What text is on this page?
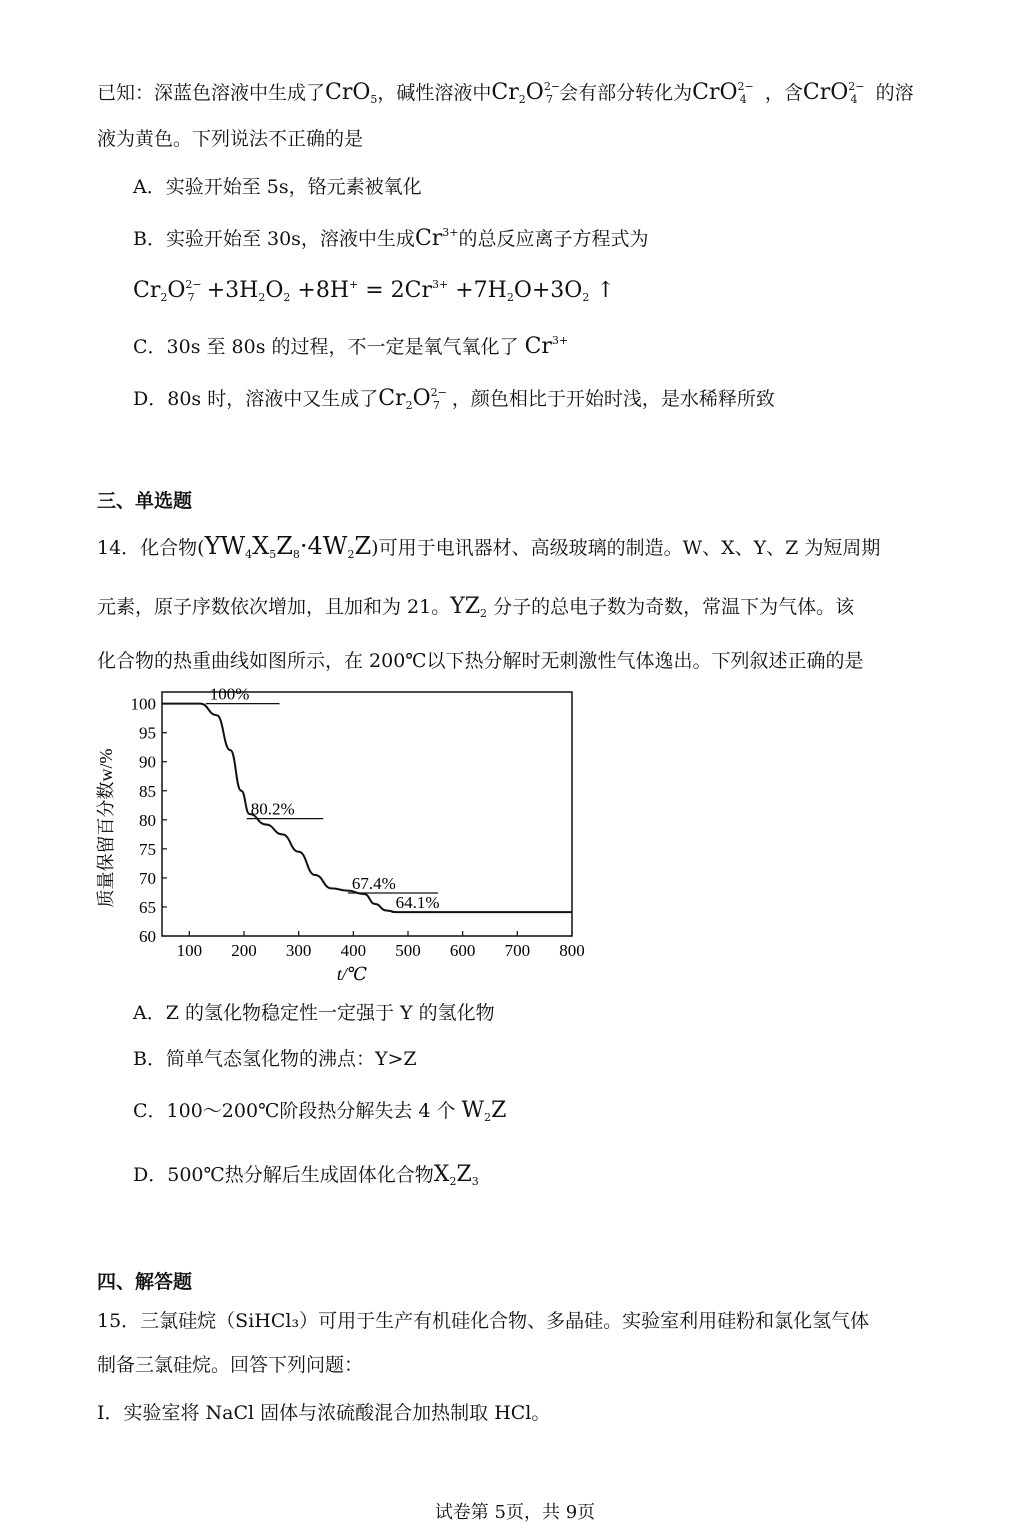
已知：深蓝色溶液中生成了CrO$_5$，碱性溶液中$Cr_2O^{2-}_7$ 会有部分转化为CrO$^{2-}_4$ ，含CrO$^{2-}_4$ 的溶
液为黄色。下列说法不正确的是
A．实验开始至 5s，铬元素被氧化
B．实验开始至 30s，溶液中生成$Cr^{3+}$的总反应离子方程式为
$Cr_2O^{2-}_7 +3H_2O_2 +8H^+ = 2Cr^{3+} +7H_2O+3O_2$ ↑
C．30s 至 80s 的过程，不一定是氧气氧化了 $Cr^{3+}$
D．80s 时，溶液中又生成了$Cr_2O^{2-}_7$ ，颜色相比于开始时浅，是水稀释所致
三、单选题
14．化合物$(YW_4X_5Z_8\cdot 4W_2Z)$可用于电讯器材、高级玻璃的制造。W、X、Y、Z 为短周期
元素，原子序数依次增加，且加和为 21。$YZ_2$ 分子的总电子数为奇数，常温下为气体。该
化合物的热重曲线如图所示，在 200℃以下热分解时无刺激性气体逸出。下列叙述正确的是
100 200 300 400 500 600 700 800
60
65
70
75
80
85
90
95
100
100%
80.2%
67.4%
64.1%
质量保留百分数w/%
t/℃
A．Z 的氢化物稳定性一定强于 Y 的氢化物
B．简单气态氢化物的沸点：Y>Z
C．100～200℃阶段热分解失去 4 个 $W_2Z$
D．500℃热分解后生成固体化合物$X_2Z_3$
四、解答题
15．三氯硅烷（SiHCl₃）可用于生产有机硅化合物、多晶硅。实验室利用硅粉和氯化氢气体
制备三氯硅烷。回答下列问题：
I．实验室将 NaCl 固体与浓硫酸混合加热制取 HCl。
试卷第 5页，共 9页
